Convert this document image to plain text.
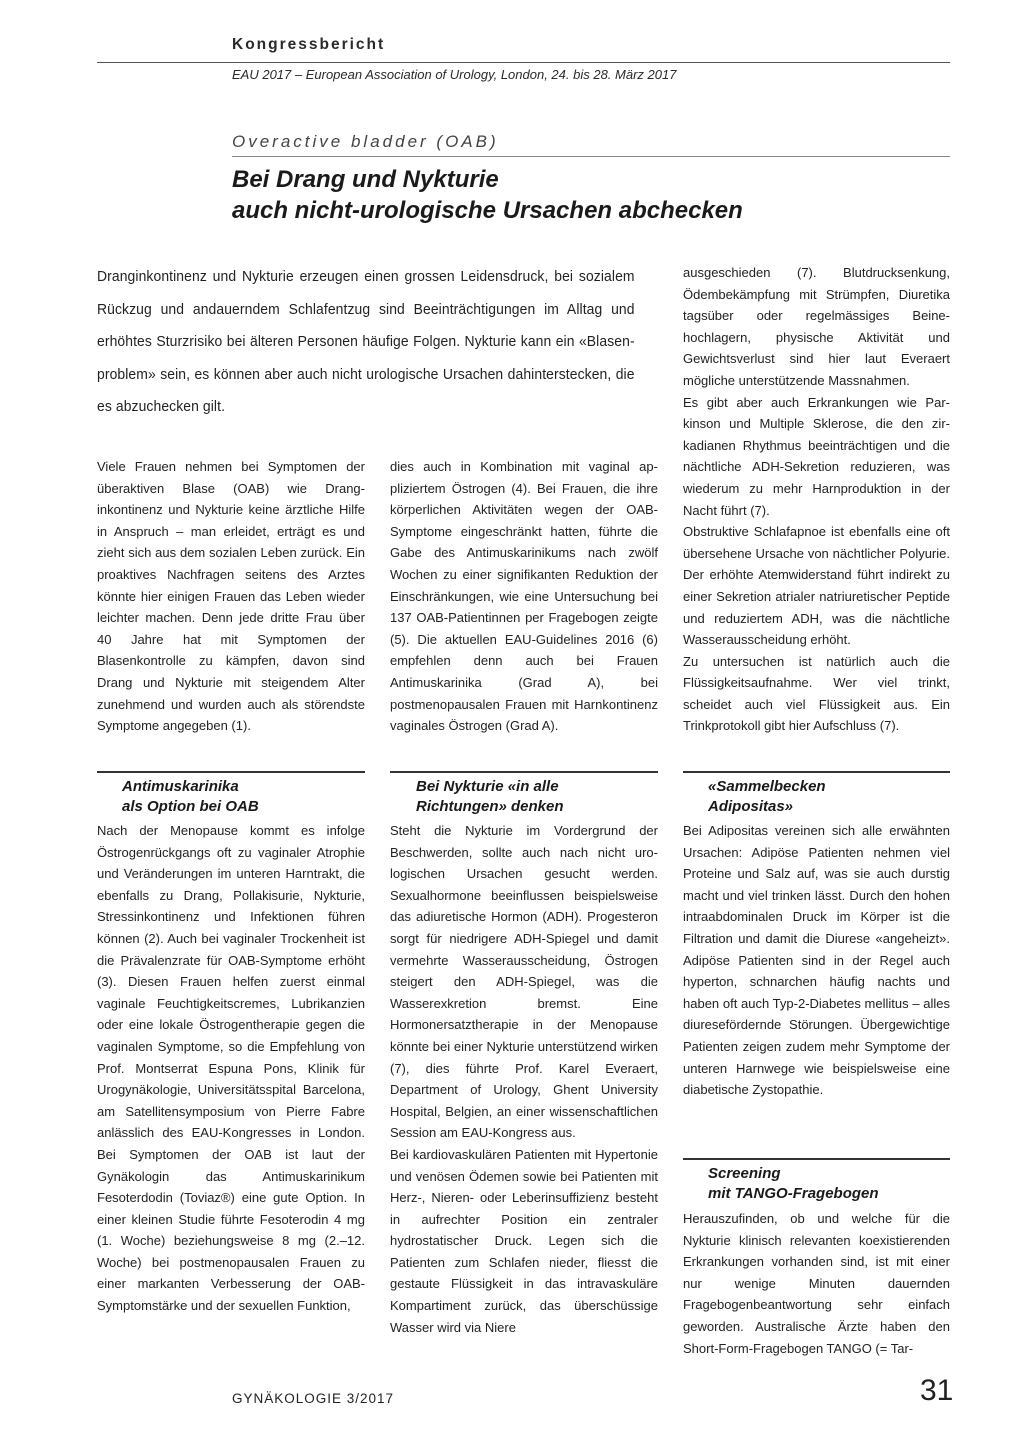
Kongressbericht
EAU 2017 – European Association of Urology, London, 24. bis 28. März 2017
Overactive bladder (OAB)
Bei Drang und Nykturie
auch nicht-urologische Ursachen abchecken
Dranginkontinenz und Nykturie erzeugen einen grossen Leidensdruck, bei sozialem Rückzug und andauerndem Schlafentzug sind Beeinträchtigungen im Alltag und erhöhtes Sturzrisiko bei älteren Personen häufige Folgen. Nykturie kann ein «Blasenproblem» sein, es können aber auch nicht urologische Ursachen dahinterstecken, die es abzuchecken gilt.

Viele Frauen nehmen bei Symptomen der überaktiven Blase (OAB) wie Dranginkontinenz und Nykturie keine ärztliche Hilfe in Anspruch – man erleidet, erträgt es und zieht sich aus dem sozialen Leben zurück. Ein proaktives Nachfragen seitens des Arztes könnte hier einigen Frauen das Leben wieder leichter machen. Denn jede dritte Frau über 40 Jahre hat mit Symptomen der Blasenkontrolle zu kämpfen, davon sind Drang und Nykturie mit steigendem Alter zunehmend und wurden auch als störendste Symptome angegeben (1).

Antimuskarinika
als Option bei OAB

Nach der Menopause kommt es infolge Östrogenrückgangs oft zu vaginaler Atrophie und Veränderungen im unteren Harntrakt, die ebenfalls zu Drang, Pollakisurie, Nykturie, Stressinkontinenz und Infektionen führen können (2). Auch bei vaginaler Trockenheit ist die Prävalenzrate für OAB-Symptome erhöht (3). Diesen Frauen helfen zuerst einmal vaginale Feuchtigkeitscremes, Lubrikanzien oder eine lokale Östrogentherapie gegen die vaginalen Symptome, so die Empfehlung von Prof. Montserrat Espuna Pons, Klinik für Urogynäkologie, Universitätsspital Barcelona, am Satellitensymposium von Pierre Fabre anlässlich des EAU-Kongresses in London. Bei Symptomen der OAB ist laut der Gynäkologin das Antimuskarinikum Fesoterdodin (Toviaz®) eine gute Option. In einer kleinen Studie führte Fesoterodin 4 mg (1. Woche) beziehungsweise 8 mg (2.–12. Woche) bei postmenopausalen Frauen zu einer markanten Verbesserung der OAB-Symptomstärke und der sexuellen Funktion,

dies auch in Kombination mit vaginal appliziertem Östrogen (4). Bei Frauen, die ihre körperlichen Aktivitäten wegen der OAB-Symptome eingeschränkt hatten, führte die Gabe des Antimuskarinikums nach zwölf Wochen zu einer signifikanten Reduktion der Einschränkungen, wie eine Untersuchung bei 137 OAB-Patientinnen per Fragebogen zeigte (5). Die aktuellen EAU-Guidelines 2016 (6) empfehlen denn auch bei Frauen Antimuskarinika (Grad A), bei postmenopausalen Frauen mit Harnkontinenz vaginales Östrogen (Grad A).

Bei Nykturie «in alle
Richtungen» denken

Steht die Nykturie im Vordergrund der Beschwerden, sollte auch nach nicht urologischen Ursachen gesucht werden. Sexualhormone beeinflussen beispielsweise das adiuretische Hormon (ADH). Progesteron sorgt für niedrigere ADH-Spiegel und damit vermehrte Wasserausscheidung, Östrogen steigert den ADH-Spiegel, was die Wasserexkretion bremst. Eine Hormonersatztherapie in der Menopause könnte bei einer Nykturie unterstützend wirken (7), dies führte Prof. Karel Everaert, Department of Urology, Ghent University Hospital, Belgien, an einer wissenschaftlichen Session am EAU-Kongress aus.

Bei kardiovaskulären Patienten mit Hypertonie und venösen Ödemen sowie bei Patienten mit Herz-, Nieren- oder Leberinsuffizienz besteht in aufrechter Position ein zentraler hydrostatischer Druck. Legen sich die Patienten zum Schlafen nieder, fliesst die gestaute Flüssigkeit in das intravaskuläre Kompartiment zurück, das überschüssige Wasser wird via Niere

ausgeschieden (7). Blutdrucksenkung, Ödembekämpfung mit Strümpfen, Diuretika tagsüber oder regelmässiges Beinehochlagern, physische Aktivität und Gewichtsverlust sind hier laut Everaert mögliche unterstützende Massnahmen.

Es gibt aber auch Erkrankungen wie Parkinson und Multiple Sklerose, die den zirkadianen Rhythmus beeinträchtigen und die nächtliche ADH-Sekretion reduzieren, was wiederum zu mehr Harnproduktion in der Nacht führt (7).

Obstruktive Schlafapnoe ist ebenfalls eine oft übersehene Ursache von nächtlicher Polyurie. Der erhöhte Atemwiderstand führt indirekt zu einer Sekretion atrialer natriuretischer Peptide und reduziertem ADH, was die nächtliche Wasserausscheidung erhöht.

Zu untersuchen ist natürlich auch die Flüssigkeitsaufnahme. Wer viel trinkt, scheidet auch viel Flüssigkeit aus. Ein Trinkprotokoll gibt hier Aufschluss (7).

«Sammelbecken
Adipositas»

Bei Adipositas vereinen sich alle erwähnten Ursachen: Adipöse Patienten nehmen viel Proteine und Salz auf, was sie auch durstig macht und viel trinken lässt. Durch den hohen intraabdominalen Druck im Körper ist die Filtration und damit die Diurese «angeheizt». Adipöse Patienten sind in der Regel auch hyperton, schnarchen häufig nachts und haben oft auch Typ-2-Diabetes mellitus – alles diuresefördernde Störungen. Übergewichtige Patienten zeigen zudem mehr Symptome der unteren Harnwege wie beispielsweise eine diabetische Zystopathie.

Screening
mit TANGO-Fragebogen

Herauszufinden, ob und welche für die Nykturie klinisch relevanten koexistierenden Erkrankungen vorhanden sind, ist mit einer nur wenige Minuten dauernden Fragebogenbeantwortung sehr einfach geworden. Australische Ärzte haben den Short-Form-Fragebogen TANGO (= Tar-

GYNÄKOLOGIE 3/2017	31
